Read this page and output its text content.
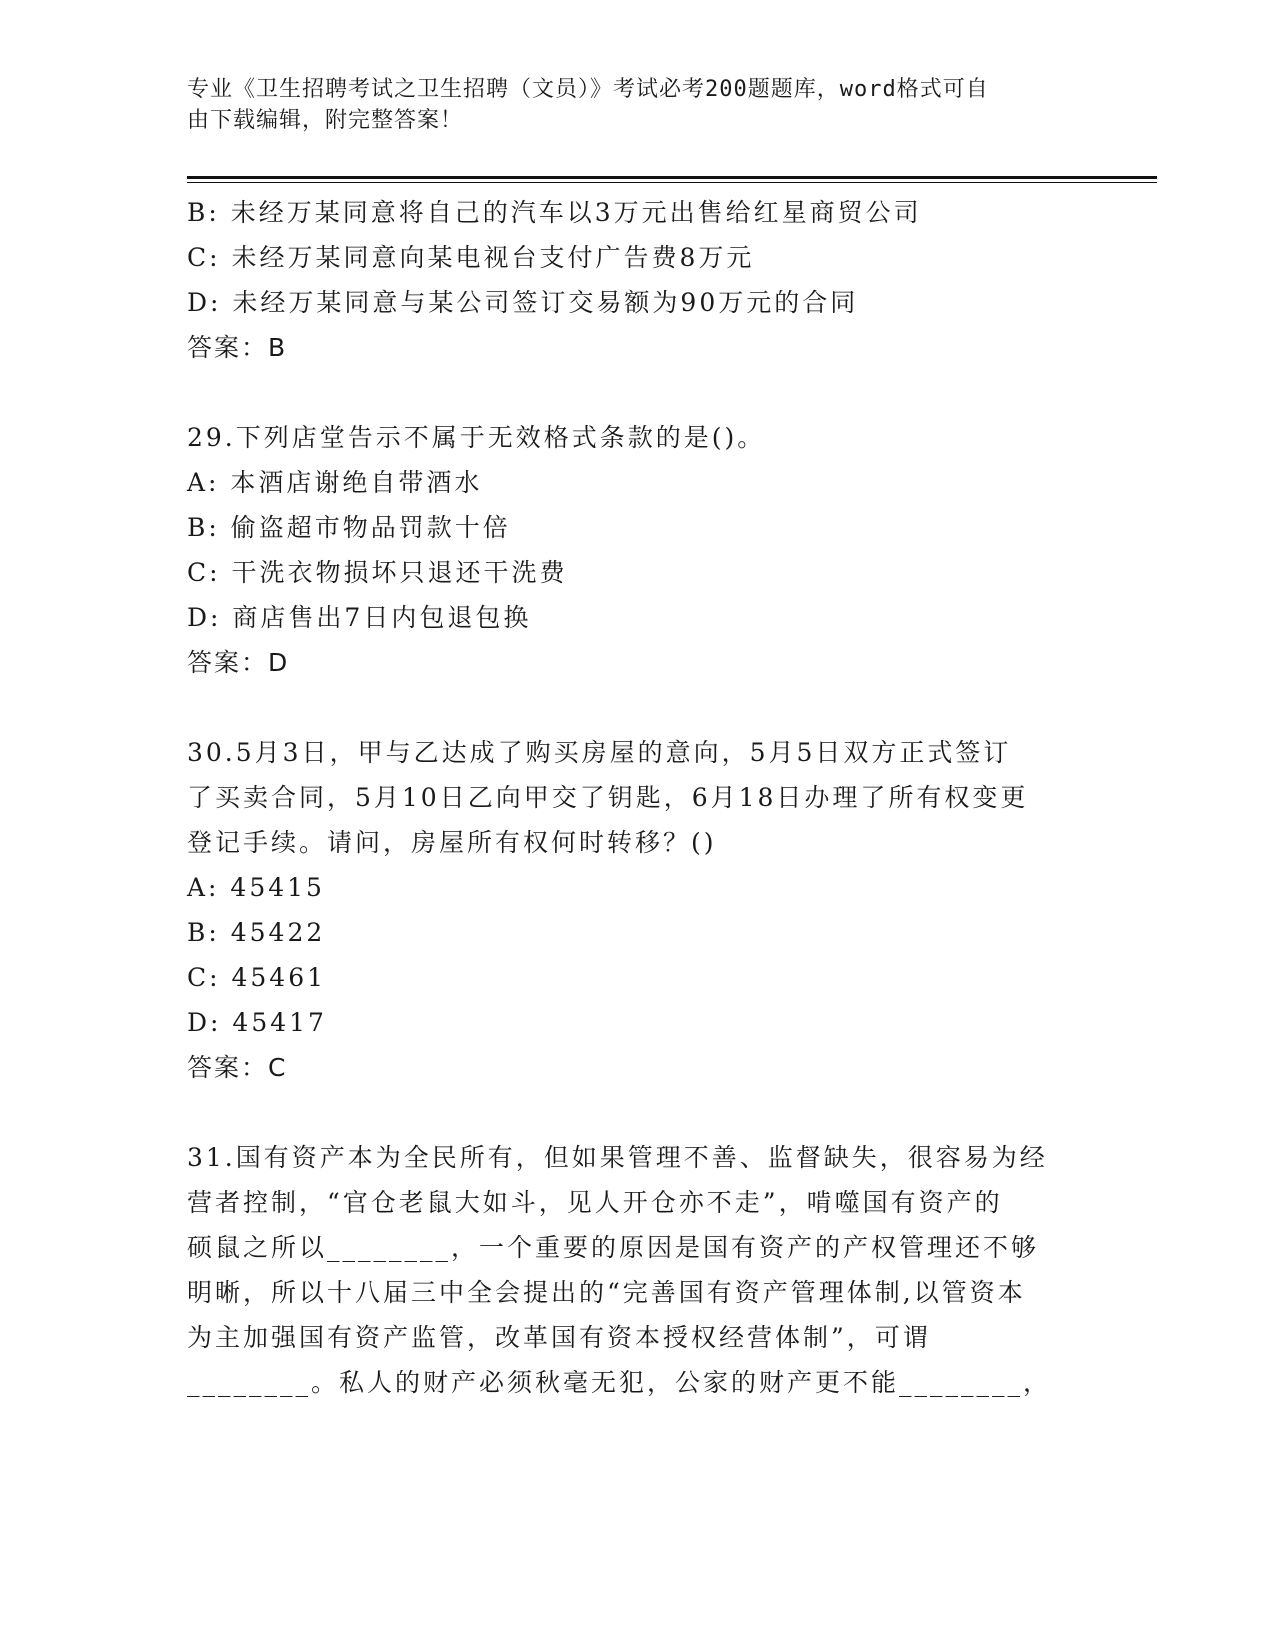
专业《卫生招聘考试之卫生招聘（文员）》考试必考200题题库，word格式可自
由下载编辑，附完整答案！
B: 未经万某同意将自己的汽车以3万元出售给红星商贸公司
C: 未经万某同意向某电视台支付广告费8万元
D: 未经万某同意与某公司签订交易额为90万元的合同
答案：B
29.下列店堂告示不属于无效格式条款的是()。
A: 本酒店谢绝自带酒水
B: 偷盗超市物品罚款十倍
C: 干洗衣物损坏只退还干洗费
D: 商店售出7日内包退包换
答案：D
30.5月3日，甲与乙达成了购买房屋的意向，5月5日双方正式签订
了买卖合同，5月10日乙向甲交了钥匙，6月18日办理了所有权变更
登记手续。请问，房屋所有权何时转移？()
A: 45415
B: 45422
C: 45461
D: 45417
答案：C
31.国有资产本为全民所有，但如果管理不善、监督缺失，很容易为经
营者控制，“官仓老鼠大如斗，见人开仓亦不走”，啃噬国有资产的
硕鼠之所以________，一个重要的原因是国有资产的产权管理还不够
明晰，所以十八届三中全会提出的“完善国有资产管理体制,以管资本
为主加强国有资产监管，改革国有资本授权经营体制”，可谓
________。私人的财产必须秋毫无犯，公家的财产更不能________，
